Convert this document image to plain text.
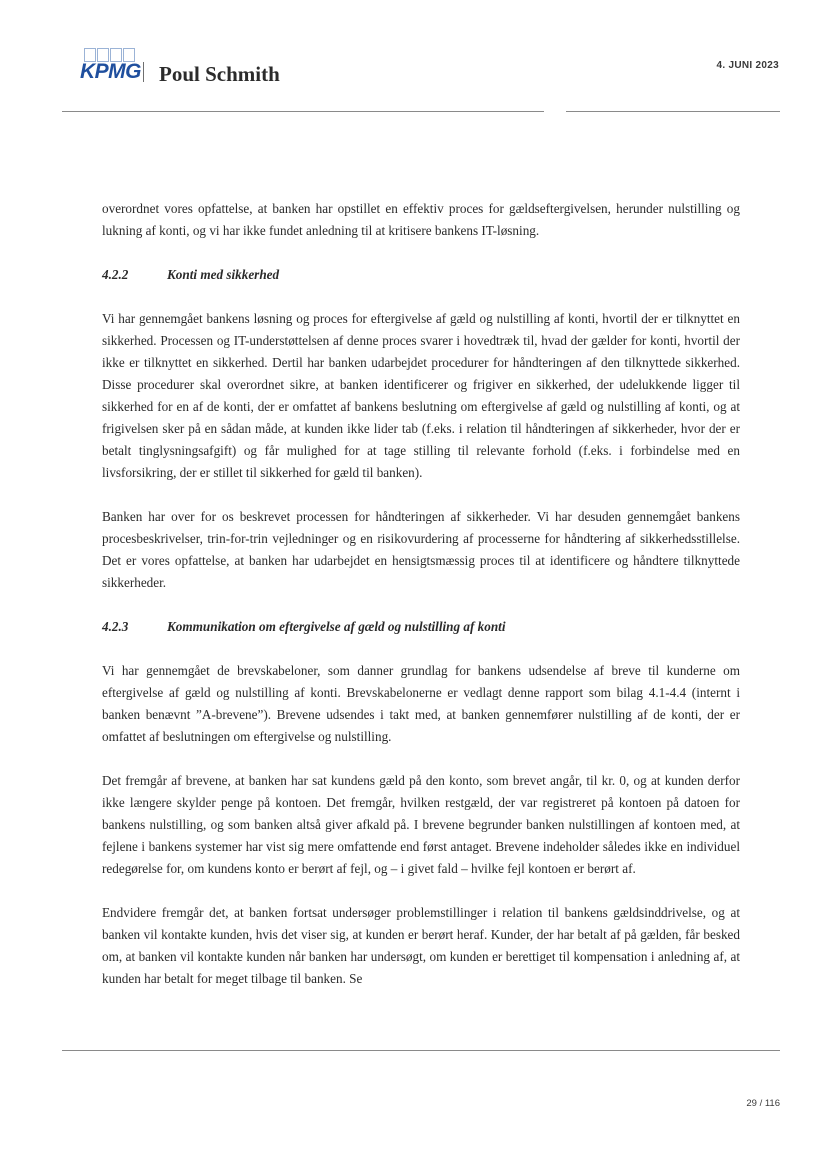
KPMG Poul Schmith	4. JUNI 2023

overordnet vores opfattelse, at banken har opstillet en effektiv proces for gældseftergivelsen, herunder nulstilling og lukning af konti, og vi har ikke fundet anledning til at kritisere bankens IT-løsning.

4.2.2	Konti med sikkerhed

Vi har gennemgået bankens løsning og proces for eftergivelse af gæld og nulstilling af konti, hvortil der er tilknyttet en sikkerhed. Processen og IT-understøttelsen af denne proces svarer i hovedtræk til, hvad der gælder for konti, hvortil der ikke er tilknyttet en sikkerhed. Dertil har banken udarbejdet procedurer for håndteringen af den tilknyttede sikkerhed. Disse procedurer skal overordnet sikre, at banken identificerer og frigiver en sikkerhed, der udelukkende ligger til sikkerhed for en af de konti, der er omfattet af bankens beslutning om eftergivelse af gæld og nulstilling af konti, og at frigivelsen sker på en sådan måde, at kunden ikke lider tab (f.eks. i relation til håndteringen af sikkerheder, hvor der er betalt tinglysningsafgift) og får mulighed for at tage stilling til relevante forhold (f.eks. i forbindelse med en livsforsikring, der er stillet til sikkerhed for gæld til banken).

Banken har over for os beskrevet processen for håndteringen af sikkerheder. Vi har desuden gennemgået bankens procesbeskrivelser, trin-for-trin vejledninger og en risikovurdering af processerne for håndtering af sikkerhedsstillelse. Det er vores opfattelse, at banken har udarbejdet en hensigtsmæssig proces til at identificere og håndtere tilknyttede sikkerheder.

4.2.3	Kommunikation om eftergivelse af gæld og nulstilling af konti

Vi har gennemgået de brevskabeloner, som danner grundlag for bankens udsendelse af breve til kunderne om eftergivelse af gæld og nulstilling af konti. Brevskabelonerne er vedlagt denne rapport som bilag 4.1-4.4 (internt i banken benævnt ”A-brevene”). Brevene udsendes i takt med, at banken gennemfører nulstilling af de konti, der er omfattet af beslutningen om eftergivelse og nulstilling.

Det fremgår af brevene, at banken har sat kundens gæld på den konto, som brevet angår, til kr. 0, og at kunden derfor ikke længere skylder penge på kontoen. Det fremgår, hvilken restgæld, der var registreret på kontoen på datoen for bankens nulstilling, og som banken altså giver afkald på. I brevene begrunder banken nulstillingen af kontoen med, at fejlene i bankens systemer har vist sig mere omfattende end først antaget. Brevene indeholder således ikke en individuel redegørelse for, om kundens konto er berørt af fejl, og – i givet fald – hvilke fejl kontoen er berørt af.

Endvidere fremgår det, at banken fortsat undersøger problemstillinger i relation til bankens gældsinddrivelse, og at banken vil kontakte kunden, hvis det viser sig, at kunden er berørt heraf. Kunder, der har betalt af på gælden, får besked om, at banken vil kontakte kunden når banken har undersøgt, om kunden er berettiget til kompensation i anledning af, at kunden har betalt for meget tilbage til banken. Se

29 / 116
